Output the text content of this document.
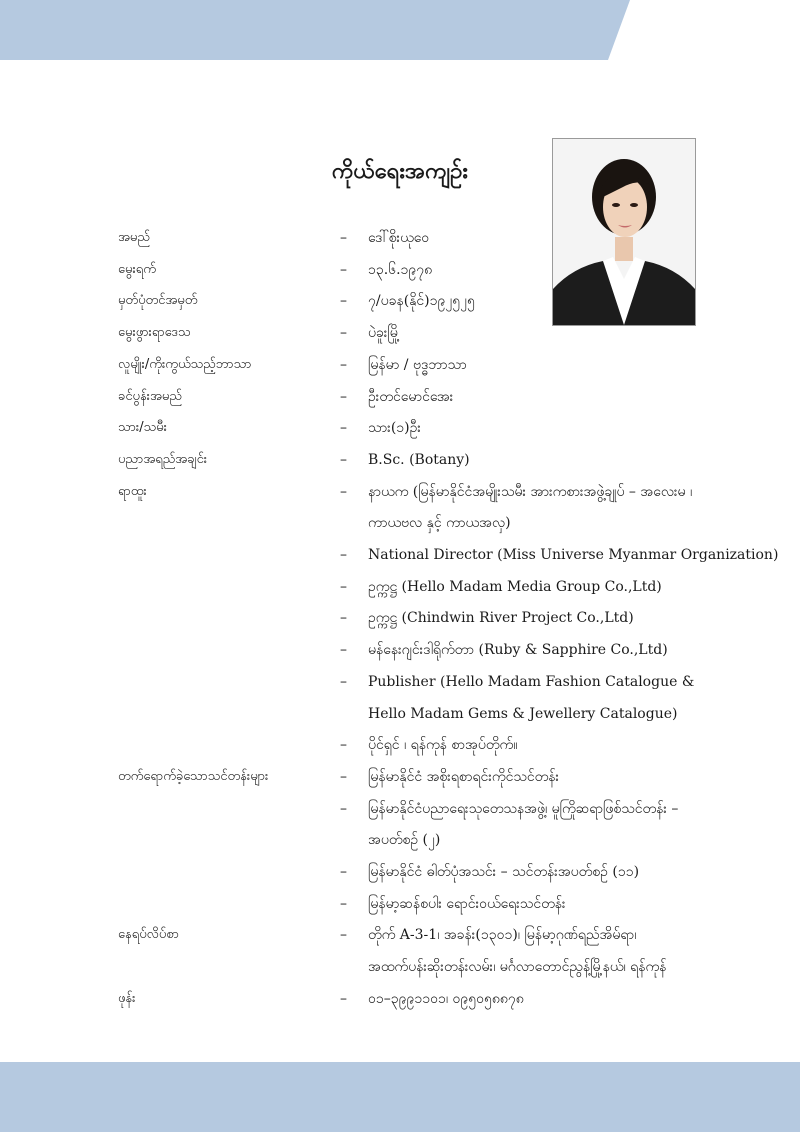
ကိုယ်ရေးအကျဉ်း
အမည်	– ဒေါ်စိုးယုဝေ
မွေးရက်	– ၁၃.၆.၁၉၇၈
မှတ်ပုံတင်အမှတ်	– ၇/ပခန(နိုင်)၁၉၂၅၂၅
မွေးဖွားရာဒေသ	– ပဲခူးမြို့
လူမျိုး/ကိုးကွယ်သည့်ဘာသာ	– မြန်မာ / ဗုဒ္ဓဘာသာ
ခင်ပွန်းအမည်	– ဦးတင်မောင်အေး
သား/သမီး	– သား(၁)ဦး
ပညာအရည်အချင်း	– B.Sc. (Botany)
ရာထူး	– နာယက (မြန်မာနိုင်ငံအမျိုးသမီး အားကစားအဖွဲ့ချုပ် – အလေးမ ၊
ကာယဗလ နှင့် ကာယအလှ)
– National Director (Miss Universe Myanmar Organization)
– ဥက္ကဋ္ဌ (Hello Madam Media Group Co.,Ltd)
– ဥက္ကဋ္ဌ (Chindwin River Project Co.,Ltd)
– မန်နေးဂျင်းဒါရိုက်တာ (Ruby & Sapphire Co.,Ltd)
– Publisher (Hello Madam Fashion Catalogue &
Hello Madam Gems & Jewellery Catalogue)
– ပိုင်ရှင် ၊ ရန်ကုန် စာအုပ်တိုက်။
တက်ရောက်ခဲ့သောသင်တန်းများ	– မြန်မာနိုင်ငံ အစိုးရစာရင်းကိုင်သင်တန်း
– မြန်မာနိုင်ငံပညာရေးသုတေသနအဖွဲ့၊ မူကြိုဆရာဖြစ်သင်တန်း –
အပတ်စဉ် (၂)
– မြန်မာနိုင်ငံ ဓါတ်ပုံအသင်း – သင်တန်းအပတ်စဉ် (၁၁)
– မြန်မာ့ဆန်စပါး ရောင်းဝယ်ရေးသင်တန်း
နေရပ်လိပ်စာ	– တိုက် A-3-1၊ အခန်း(၁၃၀၁)၊ မြန်မာ့ဂုဏ်ရည်အိမ်ရာ၊
အထက်ပန်းဆိုးတန်းလမ်း၊ မင်္ဂလာတောင်ညွန့်မြို့နယ်၊ ရန်ကုန်
ဖုန်း	– ၀၁–၃၉၉၁၁၀၁၊ ၀၉၅၀၅၈၈၇၈
